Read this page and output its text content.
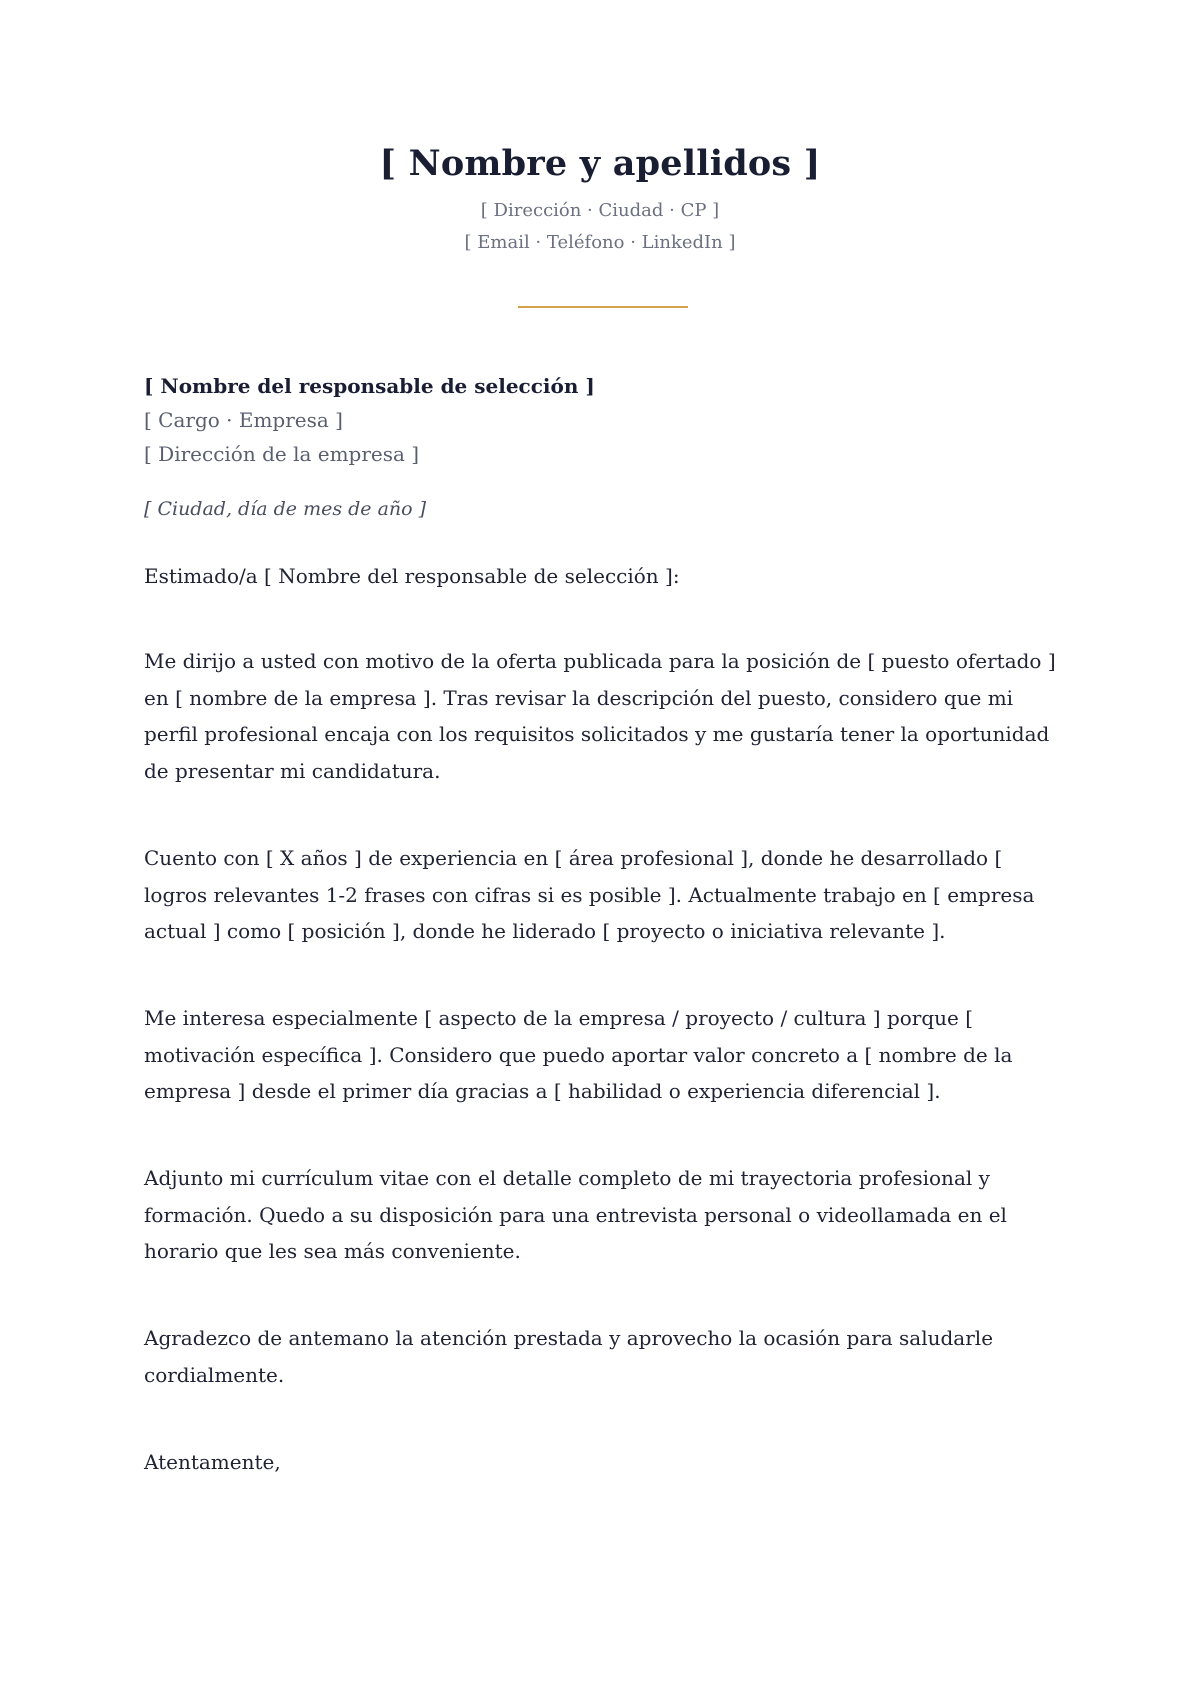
[ Nombre y apellidos ]

[ Dirección · Ciudad · CP ]

[ Email · Teléfono · LinkedIn ]

[ Nombre del responsable de selección ]
[ Cargo · Empresa ]
[ Dirección de la empresa ]
[ Ciudad, día de mes de año ]
Estimado/a [ Nombre del responsable de selección ]:

Me dirijo a usted con motivo de la oferta publicada para la posición de [ puesto ofertado ] en [ nombre de la empresa ]. Tras revisar la descripción del puesto, considero que mi perfil profesional encaja con los requisitos solicitados y me gustaría tener la oportunidad de presentar mi candidatura.

Cuento con [ X años ] de experiencia en [ área profesional ], donde he desarrollado [ logros relevantes 1-2 frases con cifras si es posible ]. Actualmente trabajo en [ empresa actual ] como [ posición ], donde he liderado [ proyecto o iniciativa relevante ].

Me interesa especialmente [ aspecto de la empresa / proyecto / cultura ] porque [ motivación específica ]. Considero que puedo aportar valor concreto a [ nombre de la empresa ] desde el primer día gracias a [ habilidad o experiencia diferencial ].

Adjunto mi currículum vitae con el detalle completo de mi trayectoria profesional y formación. Quedo a su disposición para una entrevista personal o videollamada en el horario que les sea más conveniente.

Agradezco de antemano la atención prestada y aprovecho la ocasión para saludarle cordialmente.

Atentamente,
